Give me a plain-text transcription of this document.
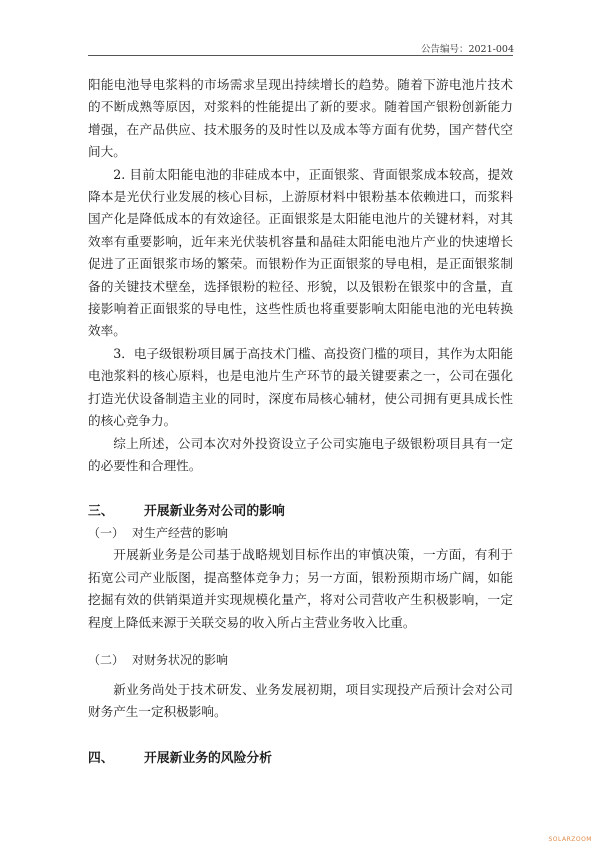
公告编号：2021-004

阳能电池导电浆料的市场需求呈现出持续增长的趋势。随着下游电池片技术的不断成熟等原因，对浆料的性能提出了新的要求。随着国产银粉创新能力增强，在产品供应、技术服务的及时性以及成本等方面有优势，国产替代空间大。

2. 目前太阳能电池的非硅成本中，正面银浆、背面银浆成本较高，提效降本是光伏行业发展的核心目标，上游原材料中银粉基本依赖进口，而浆料国产化是降低成本的有效途径。正面银浆是太阳能电池片的关键材料，对其效率有重要影响，近年来光伏装机容量和晶硅太阳能电池片产业的快速增长促进了正面银浆市场的繁荣。而银粉作为正面银浆的导电相，是正面银浆制备的关键技术壁垒，选择银粉的粒径、形貌，以及银粉在银浆中的含量，直接影响着正面银浆的导电性，这些性质也将重要影响太阳能电池的光电转换效率。

3．电子级银粉项目属于高技术门槛、高投资门槛的项目，其作为太阳能电池浆料的核心原料，也是电池片生产环节的最关键要素之一，公司在强化打造光伏设备制造主业的同时，深度布局核心辅材，使公司拥有更具成长性的核心竞争力。

综上所述，公司本次对外投资设立子公司实施电子级银粉项目具有一定的必要性和合理性。

三、 开展新业务对公司的影响

（一） 对生产经营的影响

开展新业务是公司基于战略规划目标作出的审慎决策，一方面，有利于拓宽公司产业版图，提高整体竞争力；另一方面，银粉预期市场广阔，如能挖掘有效的供销渠道并实现规模化量产，将对公司营收产生积极影响，一定程度上降低来源于关联交易的收入所占主营业务收入比重。

（二） 对财务状况的影响

新业务尚处于技术研发、业务发展初期，项目实现投产后预计会对公司财务产生一定积极影响。

四、 开展新业务的风险分析

SOLARZOOM
